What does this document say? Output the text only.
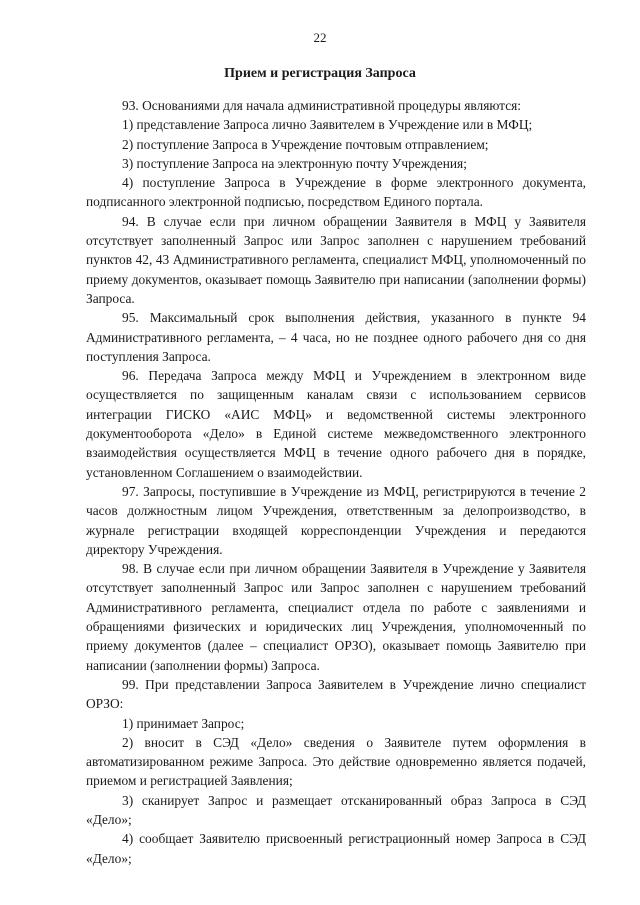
22
Прием и регистрация Запроса

93. Основаниями для начала административной процедуры являются:

1) представление Запроса лично Заявителем в Учреждение или в МФЦ;

2) поступление Запроса в Учреждение почтовым отправлением;

3) поступление Запроса на электронную почту Учреждения;

4) поступление Запроса в Учреждение в форме электронного документа, подписанного электронной подписью, посредством Единого портала.

94. В случае если при личном обращении Заявителя в МФЦ у Заявителя отсутствует заполненный Запрос или Запрос заполнен с нарушением требований пунктов 42, 43 Административного регламента, специалист МФЦ, уполномоченный по приему документов, оказывает помощь Заявителю при написании (заполнении формы) Запроса.

95. Максимальный срок выполнения действия, указанного в пункте 94 Административного регламента, – 4 часа, но не позднее одного рабочего дня со дня поступления Запроса.

96. Передача Запроса между МФЦ и Учреждением в электронном виде осуществляется по защищенным каналам связи с использованием сервисов интеграции ГИСКО «АИС МФЦ» и ведомственной системы электронного документооборота «Дело» в Единой системе межведомственного электронного взаимодействия осуществляется МФЦ в течение одного рабочего дня в порядке, установленном Соглашением о взаимодействии.

97. Запросы, поступившие в Учреждение из МФЦ, регистрируются в течение 2 часов должностным лицом Учреждения, ответственным за делопроизводство, в журнале регистрации входящей корреспонденции Учреждения и передаются директору Учреждения.

98. В случае если при личном обращении Заявителя в Учреждение у Заявителя отсутствует заполненный Запрос или Запрос заполнен с нарушением требований Административного регламента, специалист отдела по работе с заявлениями и обращениями физических и юридических лиц Учреждения, уполномоченный по приему документов (далее – специалист ОРЗО), оказывает помощь Заявителю при написании (заполнении формы) Запроса.

99. При представлении Запроса Заявителем в Учреждение лично специалист ОРЗО:

1) принимает Запрос;

2) вносит в СЭД «Дело» сведения о Заявителе путем оформления в автоматизированном режиме Запроса. Это действие одновременно является подачей, приемом и регистрацией Заявления;

3) сканирует Запрос и размещает отсканированный образ Запроса в СЭД «Дело»;

4) сообщает Заявителю присвоенный регистрационный номер Запроса в СЭД «Дело»;
